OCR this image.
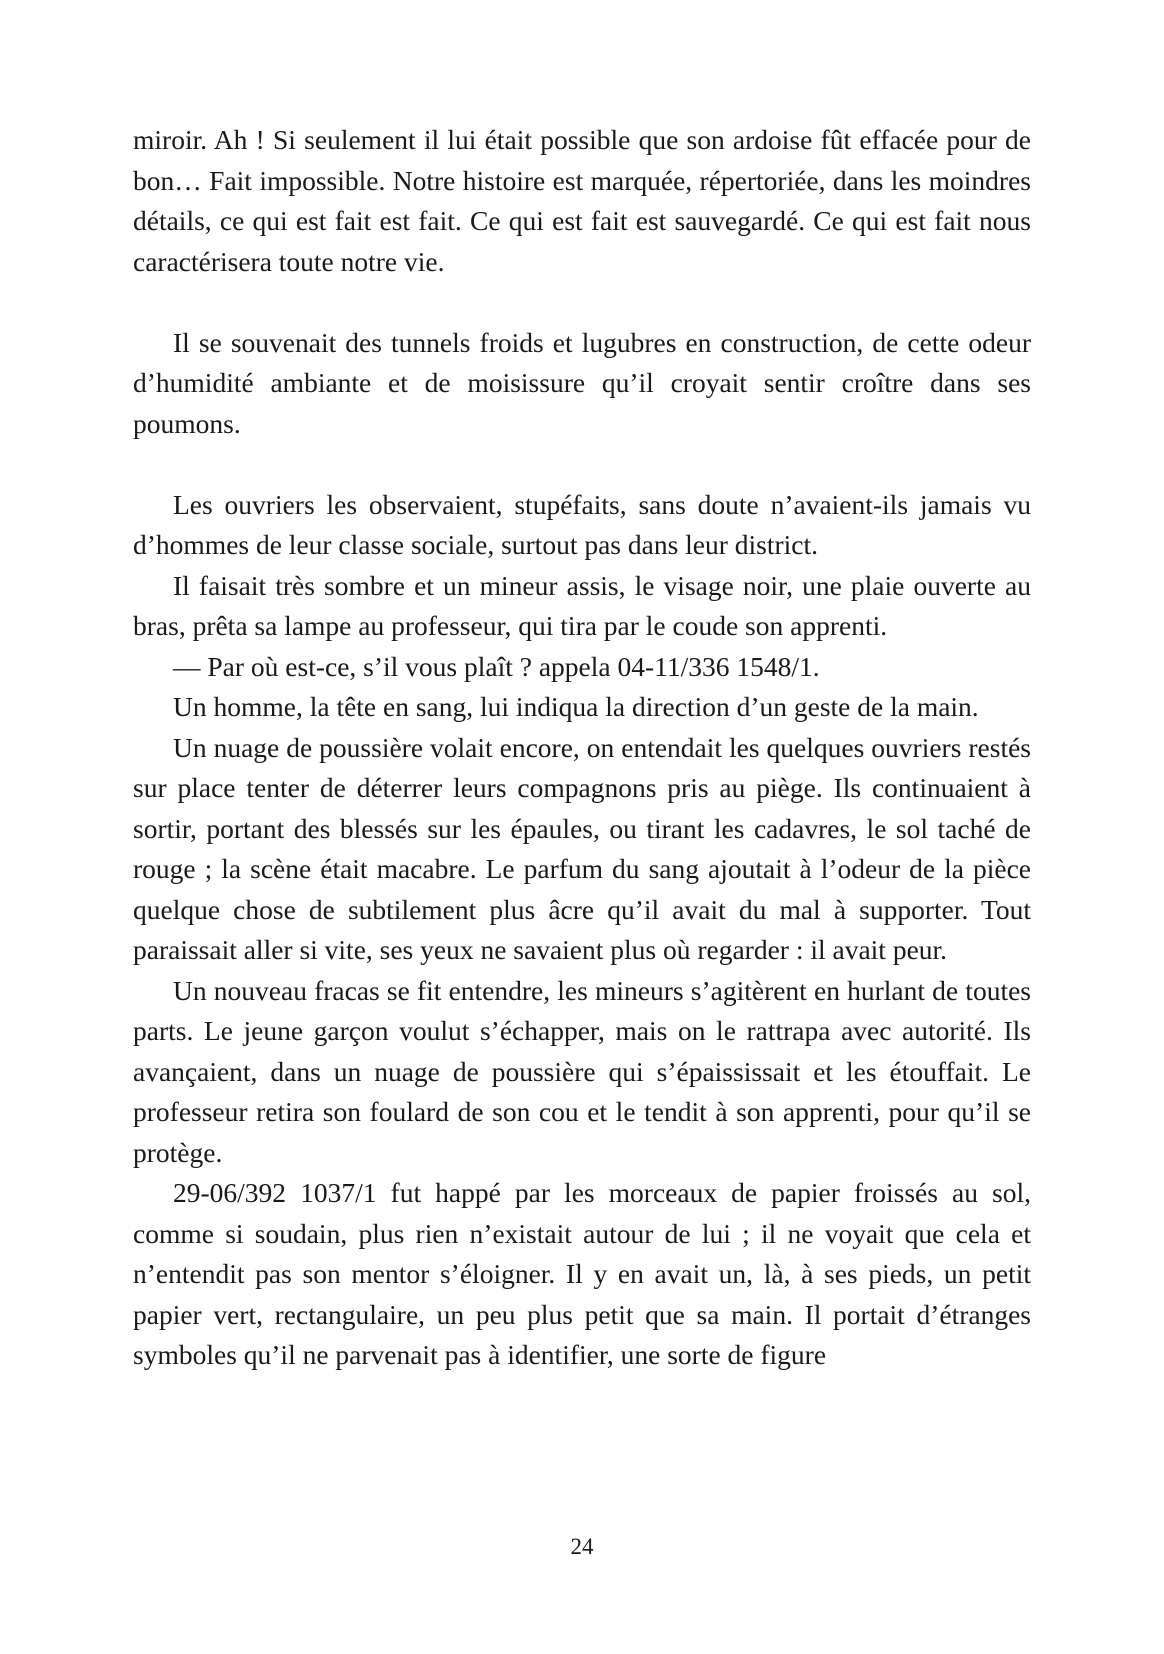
miroir. Ah ! Si seulement il lui était possible que son ardoise fût effacée pour de bon… Fait impossible. Notre histoire est marquée, répertoriée, dans les moindres détails, ce qui est fait est fait. Ce qui est fait est sauvegardé. Ce qui est fait nous caractérisera toute notre vie.

Il se souvenait des tunnels froids et lugubres en construction, de cette odeur d’humidité ambiante et de moisissure qu’il croyait sentir croître dans ses poumons.

Les ouvriers les observaient, stupéfaits, sans doute n’avaient-ils jamais vu d’hommes de leur classe sociale, surtout pas dans leur district.

Il faisait très sombre et un mineur assis, le visage noir, une plaie ouverte au bras, prêta sa lampe au professeur, qui tira par le coude son apprenti.

— Par où est-ce, s’il vous plaît ? appela 04-11/336 1548/1.

Un homme, la tête en sang, lui indiqua la direction d’un geste de la main.

Un nuage de poussière volait encore, on entendait les quelques ouvriers restés sur place tenter de déterrer leurs compagnons pris au piège. Ils continuaient à sortir, portant des blessés sur les épaules, ou tirant les cadavres, le sol taché de rouge ; la scène était macabre. Le parfum du sang ajoutait à l’odeur de la pièce quelque chose de subtilement plus âcre qu’il avait du mal à supporter. Tout paraissait aller si vite, ses yeux ne savaient plus où regarder : il avait peur.

Un nouveau fracas se fit entendre, les mineurs s’agitèrent en hurlant de toutes parts. Le jeune garçon voulut s’échapper, mais on le rattrapa avec autorité. Ils avançaient, dans un nuage de poussière qui s’épaississait et les étouffait. Le professeur retira son foulard de son cou et le tendit à son apprenti, pour qu’il se protège.

29-06/392 1037/1 fut happé par les morceaux de papier froissés au sol, comme si soudain, plus rien n’existait autour de lui ; il ne voyait que cela et n’entendit pas son mentor s’éloigner. Il y en avait un, là, à ses pieds, un petit papier vert, rectangulaire, un peu plus petit que sa main. Il portait d’étranges symboles qu’il ne parvenait pas à identifier, une sorte de figure

24
